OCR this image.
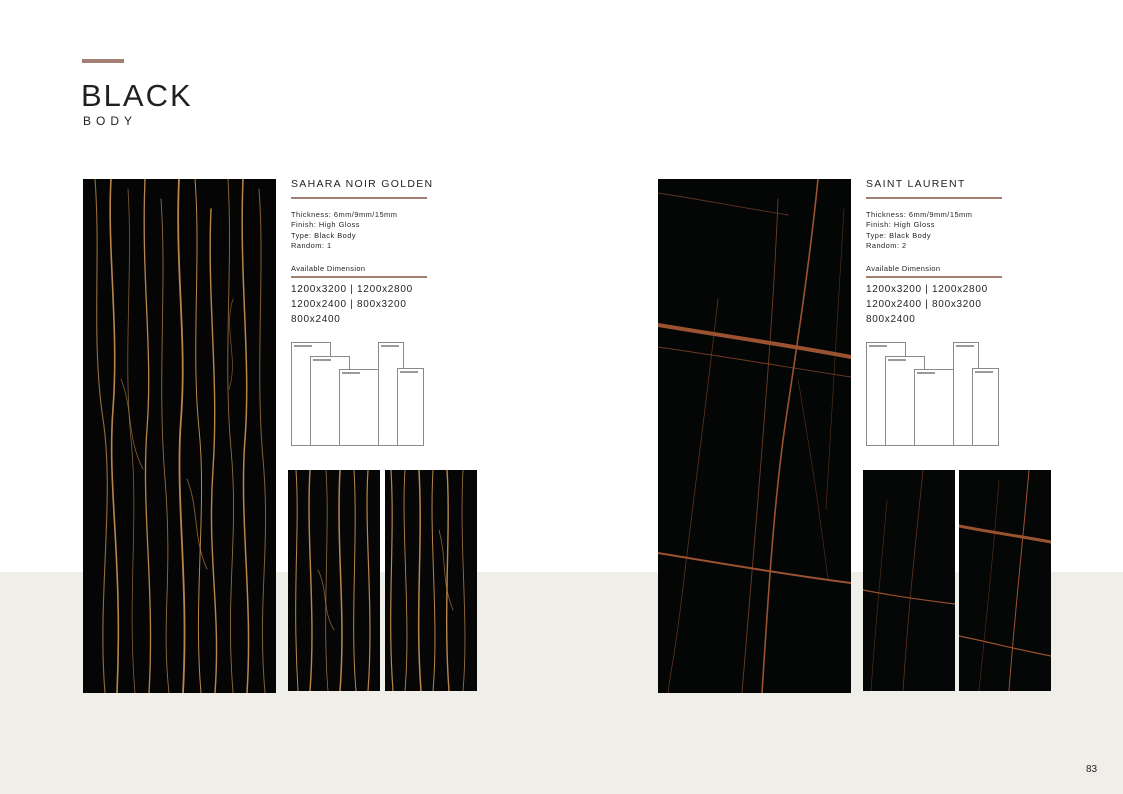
BLACK
BODY
SAHARA NOIR GOLDEN
Thickness: 6mm/9mm/15mm
Finish: High Gloss
Type: Black Body
Random: 1
Available Dimension
1200x3200 | 1200x2800
1200x2400 | 800x3200
800x2400
SAINT LAURENT
Thickness: 6mm/9mm/15mm
Finish: High Gloss
Type: Black Body
Random: 2
Available Dimension
1200x3200 | 1200x2800
1200x2400 | 800x3200
800x2400
83
